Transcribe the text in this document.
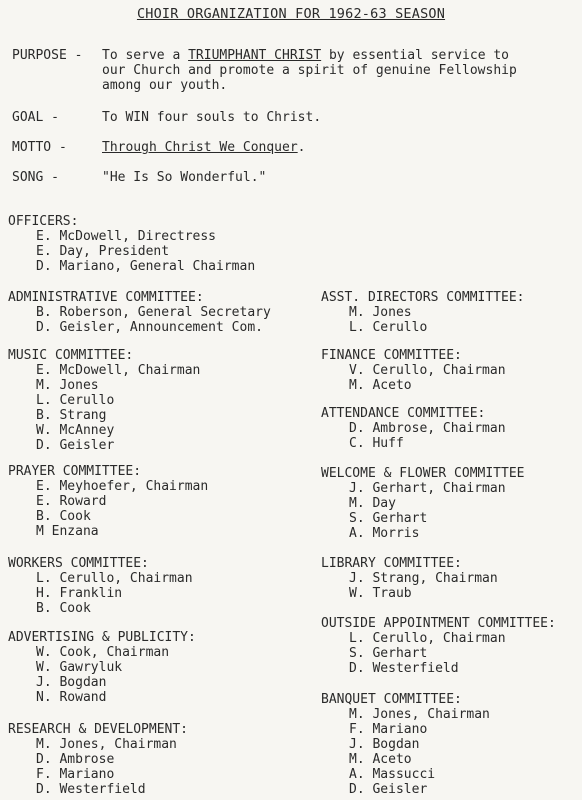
CHOIR ORGANIZATION FOR 1962-63 SEASON
PURPOSE - To serve a TRIUMPHANT CHRIST by essential service to
our Church and promote a spirit of genuine Fellowship
among our youth.
GOAL -	To WIN four souls to Christ.
MOTTO -	Through Christ We Conquer.
SONG -	"He Is So Wonderful."
OFFICERS:
E. McDowell, Directress
E. Day, President
D. Mariano, General Chairman
ADMINISTRATIVE COMMITTEE:
B. Roberson, General Secretary
D. Geisler, Announcement Com.
MUSIC COMMITTEE:
E. McDowell, Chairman
M. Jones
L. Cerullo
B. Strang
W. McAnney
D. Geisler
PRAYER COMMITTEE:
E. Meyhoefer, Chairman
E. Roward
B. Cook
M Enzana
WORKERS COMMITTEE:
L. Cerullo, Chairman
H. Franklin
B. Cook
ADVERTISING & PUBLICITY:
W. Cook, Chairman
W. Gawryluk
J. Bogdan
N. Rowand
RESEARCH & DEVELOPMENT:
M. Jones, Chairman
D. Ambrose
F. Mariano
D. Westerfield
ASST. DIRECTORS COMMITTEE:
M. Jones
L. Cerullo
FINANCE COMMITTEE:
V. Cerullo, Chairman
M. Aceto
ATTENDANCE COMMITTEE:
D. Ambrose, Chairman
C. Huff
WELCOME & FLOWER COMMITTEE
J. Gerhart, Chairman
M. Day
S. Gerhart
A. Morris
LIBRARY COMMITTEE:
J. Strang, Chairman
W. Traub
OUTSIDE APPOINTMENT COMMITTEE:
L. Cerullo, Chairman
S. Gerhart
D. Westerfield
BANQUET COMMITTEE:
M. Jones, Chairman
F. Mariano
J. Bogdan
M. Aceto
A. Massucci
D. Geisler
